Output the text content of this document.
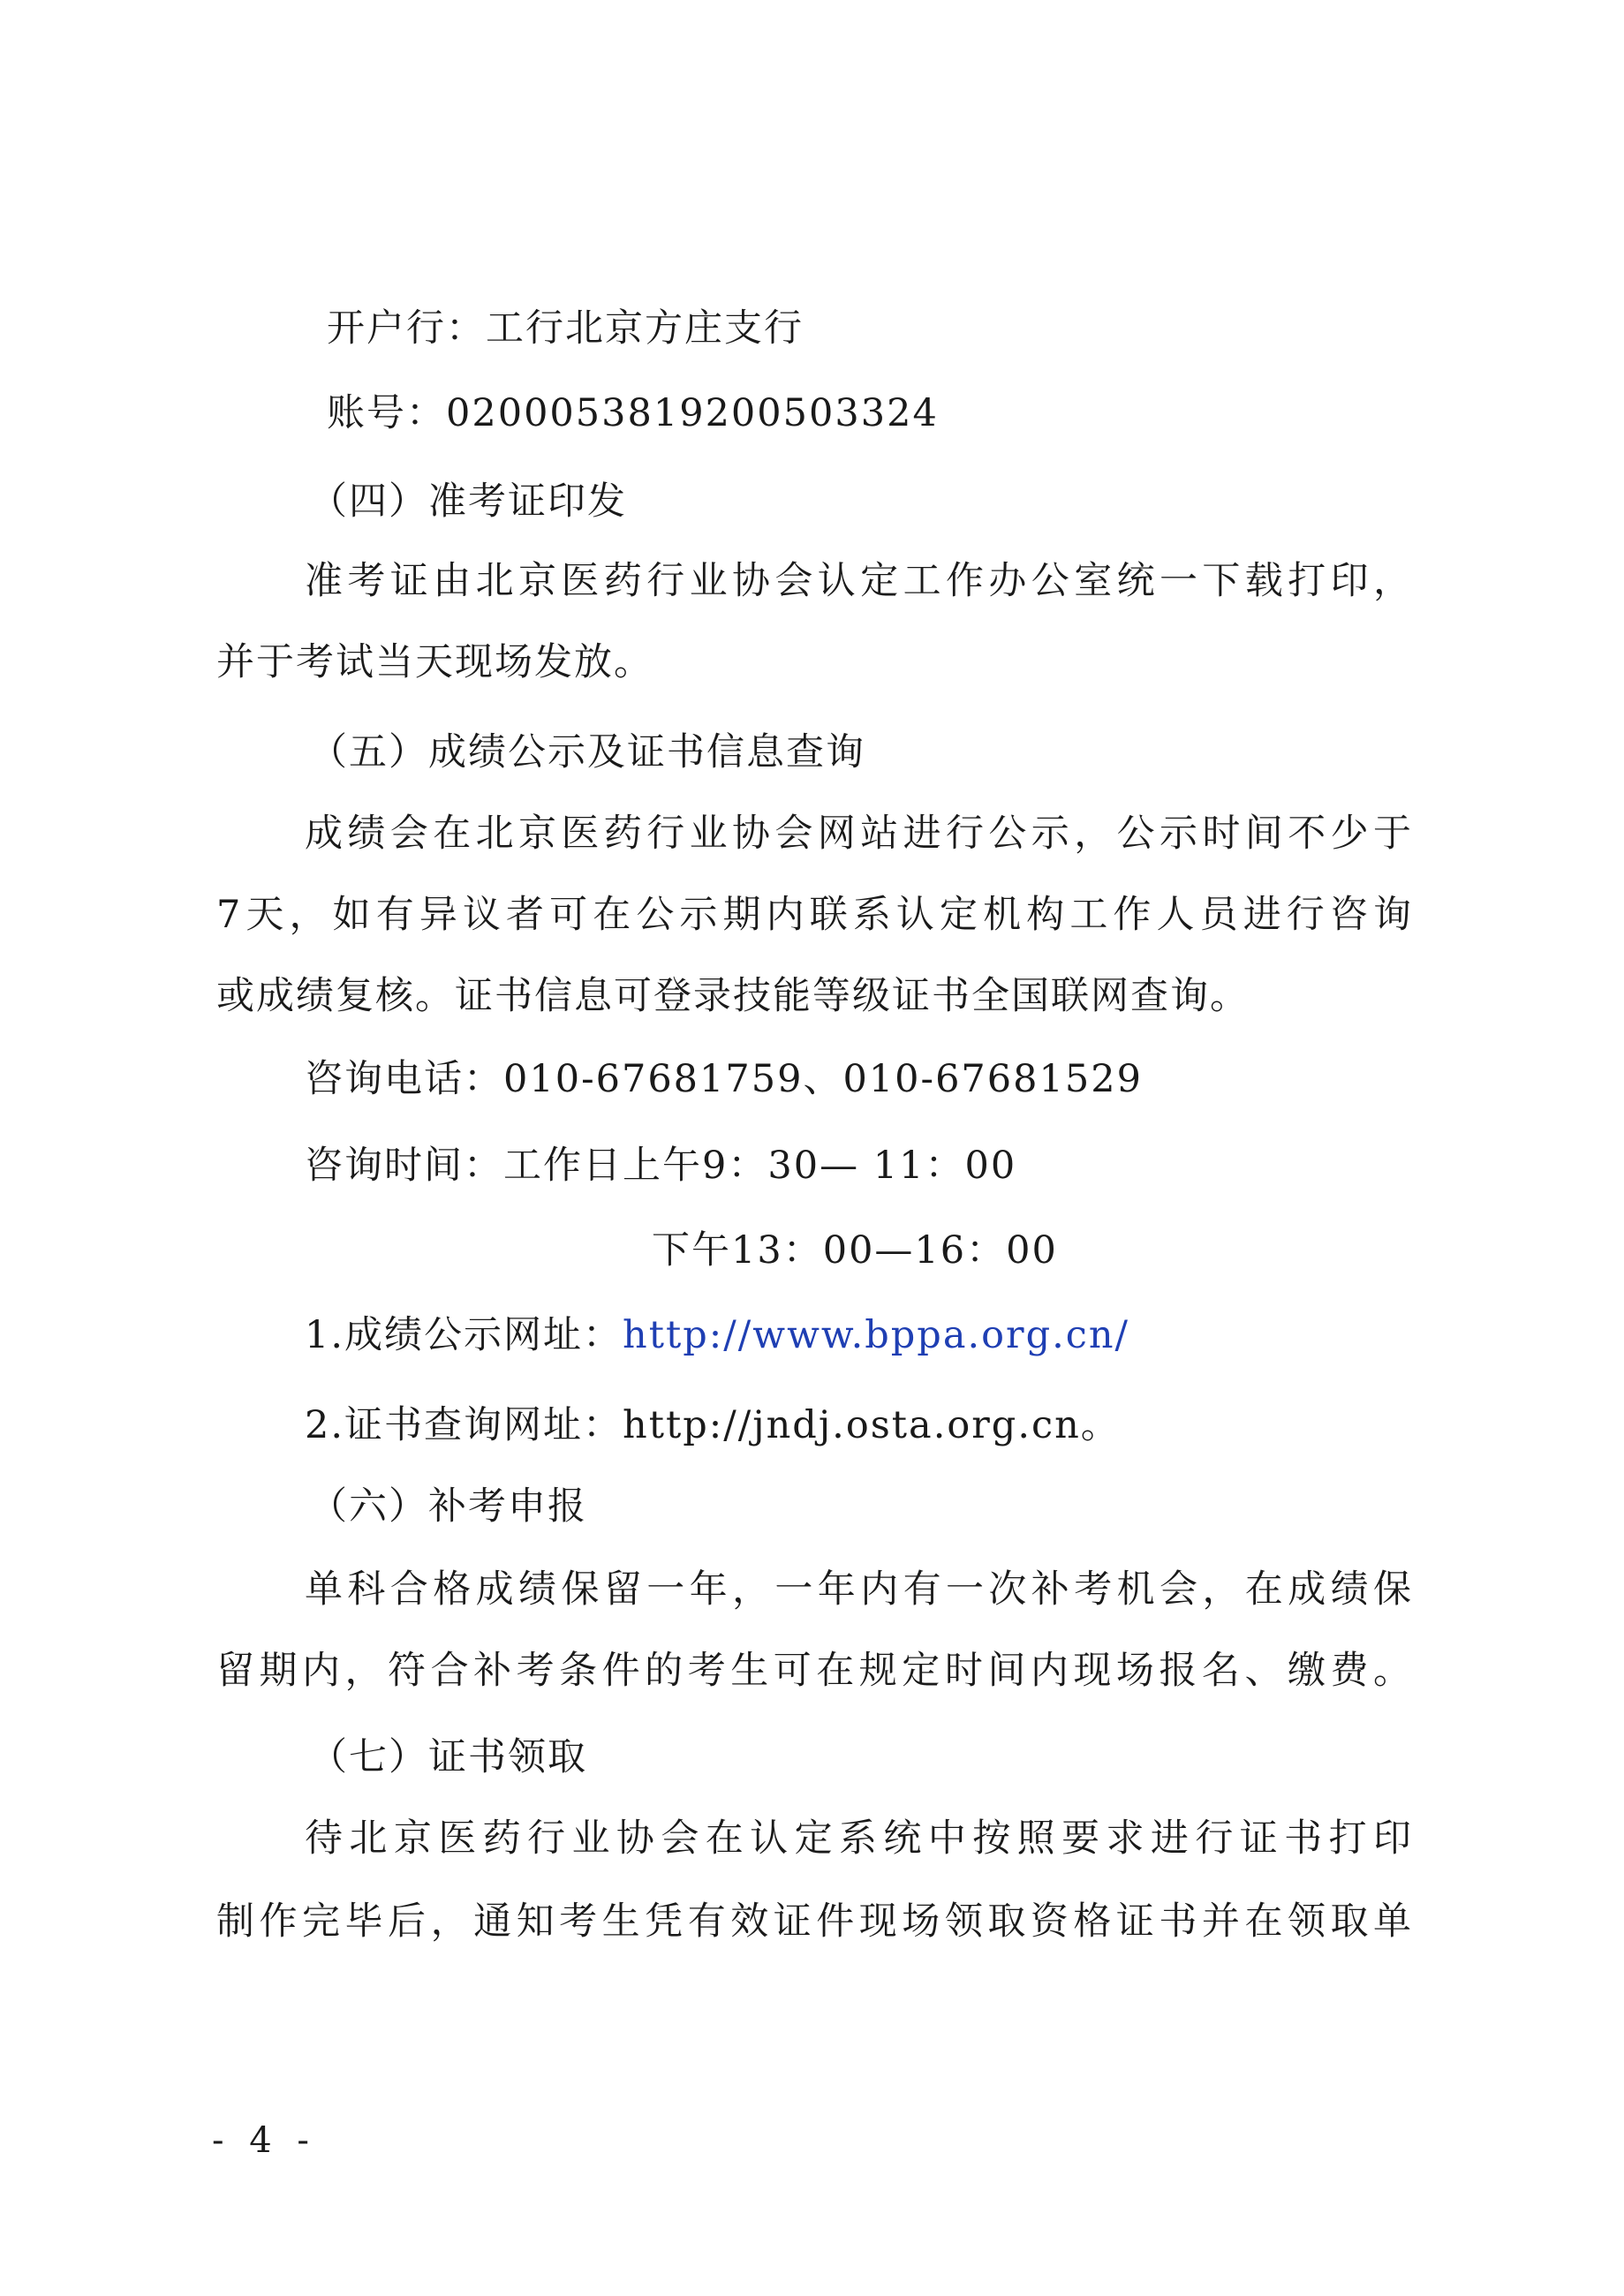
开户行：工行北京方庄支行
账号：0200053819200503324
（四）准考证印发
准考证由北京医药行业协会认定工作办公室统一下载打印，
并于考试当天现场发放。
（五）成绩公示及证书信息查询
成绩会在北京医药行业协会网站进行公示，公示时间不少于
7天，如有异议者可在公示期内联系认定机构工作人员进行咨询
或成绩复核。证书信息可登录技能等级证书全国联网查询。
咨询电话：010-67681759、010-67681529
咨询时间：工作日上午9：30— 11：00
下午13：00—16：00
1.成绩公示网址：http://www.bppa.org.cn/
2.证书查询网址：http://jndj.osta.org.cn。
（六）补考申报
单科合格成绩保留一年，一年内有一次补考机会，在成绩保
留期内，符合补考条件的考生可在规定时间内现场报名、缴费。
（七）证书领取
待北京医药行业协会在认定系统中按照要求进行证书打印
制作完毕后，通知考生凭有效证件现场领取资格证书并在领取单
- 4 -
